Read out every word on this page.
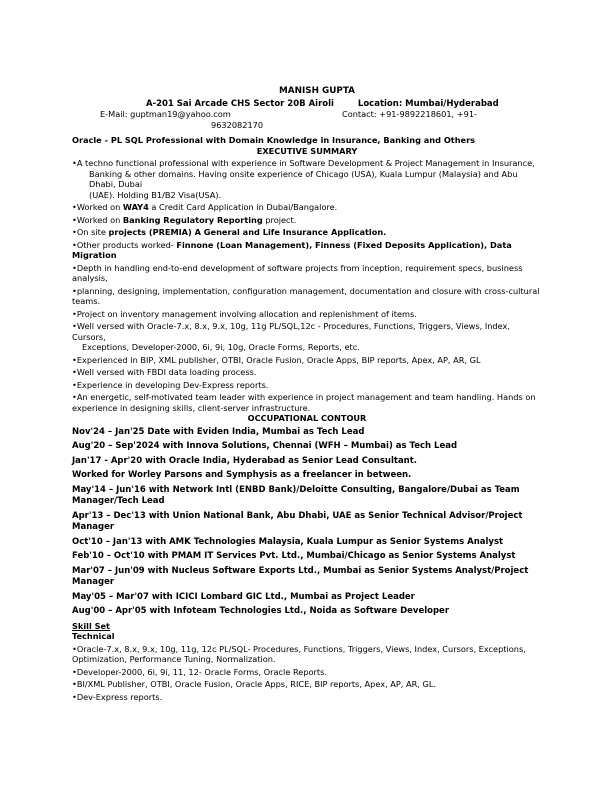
MANISH GUPTA
A-201 Sai Arcade CHS Sector 20B Airoli	Location: Mumbai/Hyderabad
E-Mail: guptman19@yahoo.com	Contact: +91-9892218601, +91-
9632082170
Oracle - PL SQL Professional with Domain Knowledge in Insurance, Banking and Others
EXECUTIVE SUMMARY
•A techno functional professional with experience in Software Development & Project Management in Insurance,
Banking & other domains. Having onsite experience of Chicago (USA), Kuala Lumpur (Malaysia) and Abu Dhabi, Dubai
(UAE). Holding B1/B2 Visa(USA).
•Worked on WAY4 a Credit Card Application in Dubai/Bangalore.
•Worked on Banking Regulatory Reporting project.
•On site projects (PREMIA) A General and Life Insurance Application.
•Other products worked- Finnone (Loan Management), Finness (Fixed Deposits Application), Data Migration
•Depth in handling end-to-end development of software projects from inception, requirement specs, business analysis,
•planning, designing, implementation, configuration management, documentation and closure with cross-cultural teams.
•Project on inventory management involving allocation and replenishment of items.
•Well versed with Oracle-7.x, 8.x, 9.x, 10g, 11g PL/SQL,12c - Procedures, Functions, Triggers, Views, Index, Cursors,
Exceptions, Developer-2000, 6i, 9i, 10g, Oracle Forms, Reports, etc.
•Experienced in BIP, XML publisher, OTBI, Oracle Fusion, Oracle Apps, BIP reports, Apex, AP, AR, GL
•Well versed with FBDI data loading process.
•Experience in developing Dev-Express reports.
•An energetic, self-motivated team leader with experience in project management and team handling. Hands on experience in designing skills, client-server infrastructure.
OCCUPATIONAL CONTOUR
Nov'24 – Jan'25 Date with Eviden India, Mumbai as Tech Lead
Aug'20 – Sep'2024 with Innova Solutions, Chennai (WFH – Mumbai) as Tech Lead
Jan'17 - Apr'20 with Oracle India, Hyderabad as Senior Lead Consultant.
Worked for Worley Parsons and Symphysis as a freelancer in between.
May'14 – Jun'16 with Network Intl (ENBD Bank)/Deloitte Consulting, Bangalore/Dubai as Team Manager/Tech Lead
Apr'13 – Dec'13 with Union National Bank, Abu Dhabi, UAE as Senior Technical Advisor/Project Manager
Oct'10 – Jan'13 with AMK Technologies Malaysia, Kuala Lumpur as Senior Systems Analyst
Feb'10 – Oct'10 with PMAM IT Services Pvt. Ltd., Mumbai/Chicago as Senior Systems Analyst
Mar'07 – Jun'09 with Nucleus Software Exports Ltd., Mumbai as Senior Systems Analyst/Project Manager
May'05 – Mar'07 with ICICI Lombard GIC Ltd., Mumbai as Project Leader
Aug'00 – Apr'05 with Infoteam Technologies Ltd., Noida as Software Developer
Skill Set
Technical
•Oracle-7.x, 8.x, 9.x, 10g, 11g, 12c PL/SQL- Procedures, Functions, Triggers, Views, Index, Cursors, Exceptions, Optimization, Performance Tuning, Normalization.
•Developer-2000, 6i, 9i, 11, 12- Oracle Forms, Oracle Reports.
•BI/XML Publisher, OTBI, Oracle Fusion, Oracle Apps, RICE, BIP reports, Apex, AP, AR, GL.
•Dev-Express reports.
